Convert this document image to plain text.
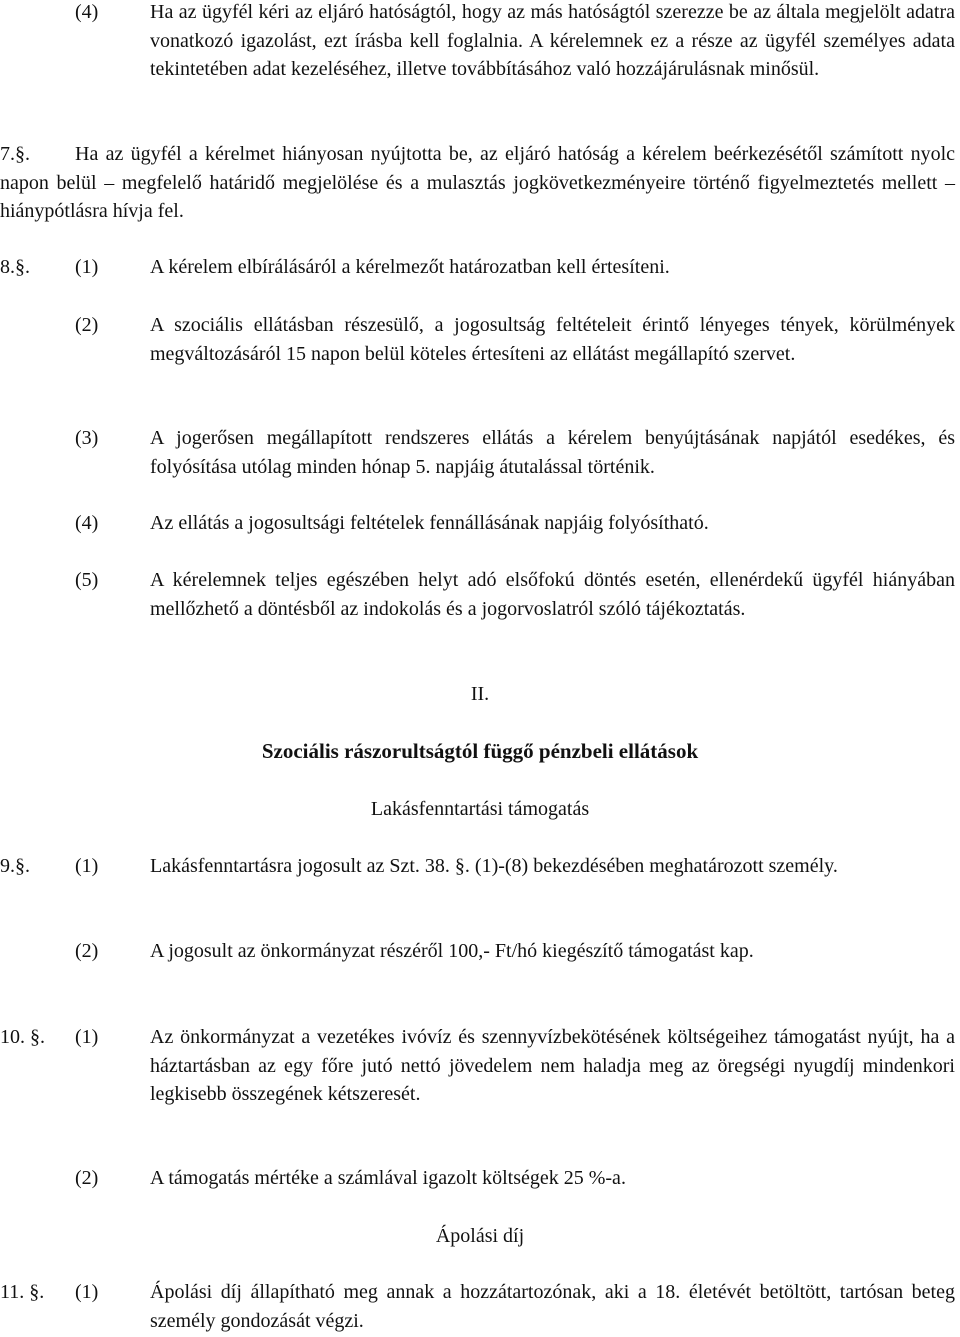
(4)	Ha az ügyfél kéri az eljáró hatóságtól, hogy az más hatóságtól szerezze be az általa megjelölt adatra vonatkozó igazolást, ezt írásba kell foglalnia. A kérelemnek ez a része az ügyfél személyes adata tekintetében adat kezeléséhez, illetve továbbításához való hozzájárulásnak minősül.
7.§.	Ha az ügyfél a kérelmet hiányosan nyújtotta be, az eljáró hatóság a kérelem beérkezésétől számított nyolc napon belül – megfelelő határidő megjelölése és a mulasztás jogkövetkezményeire történő figyelmeztetés mellett – hiánypótlásra hívja fel.
8.§. (1)	A kérelem elbírálásáról a kérelmezőt határozatban kell értesíteni.
(2)	A szociális ellátásban részesülő, a jogosultság feltételeit érintő lényeges tények, körülmények megváltozásáról 15 napon belül köteles értesíteni az ellátást megállapító szervet.
(3)	A jogerősen megállapított rendszeres ellátás a kérelem benyújtásának napjától esedékes, és folyósítása utólag minden hónap 5. napjáig átutalással történik.
(4)	Az ellátás a jogosultsági feltételek fennállásának napjáig folyósítható.
(5)	A kérelemnek teljes egészében helyt adó elsőfokú döntés esetén, ellenérdekű ügyfél hiányában mellőzhető a döntésből az indokolás és a jogorvoslatról szóló tájékoztatás.
II.
Szociális rászorultságtól függő pénzbeli ellátások
Lakásfenntartási támogatás
9.§. (1)	Lakásfenntartásra jogosult az Szt. 38. §. (1)-(8) bekezdésében meghatározott személy.
(2)	A jogosult az önkormányzat részéről 100,- Ft/hó kiegészítő támogatást kap.
10. §. (1)	Az önkormányzat a vezetékes ivóvíz és szennyvízbekötésének költségeihez támogatást nyújt, ha a háztartásban az egy főre jutó nettó jövedelem nem haladja meg az öregségi nyugdíj mindenkori legkisebb összegének kétszeresét.
(2)	A támogatás mértéke a számlával igazolt költségek 25 %-a.
Ápolási díj
11. §. (1)	Ápolási díj állapítható meg annak a hozzátartozónak, aki a 18. életévét betöltött, tartósan beteg személy gondozását végzi.
